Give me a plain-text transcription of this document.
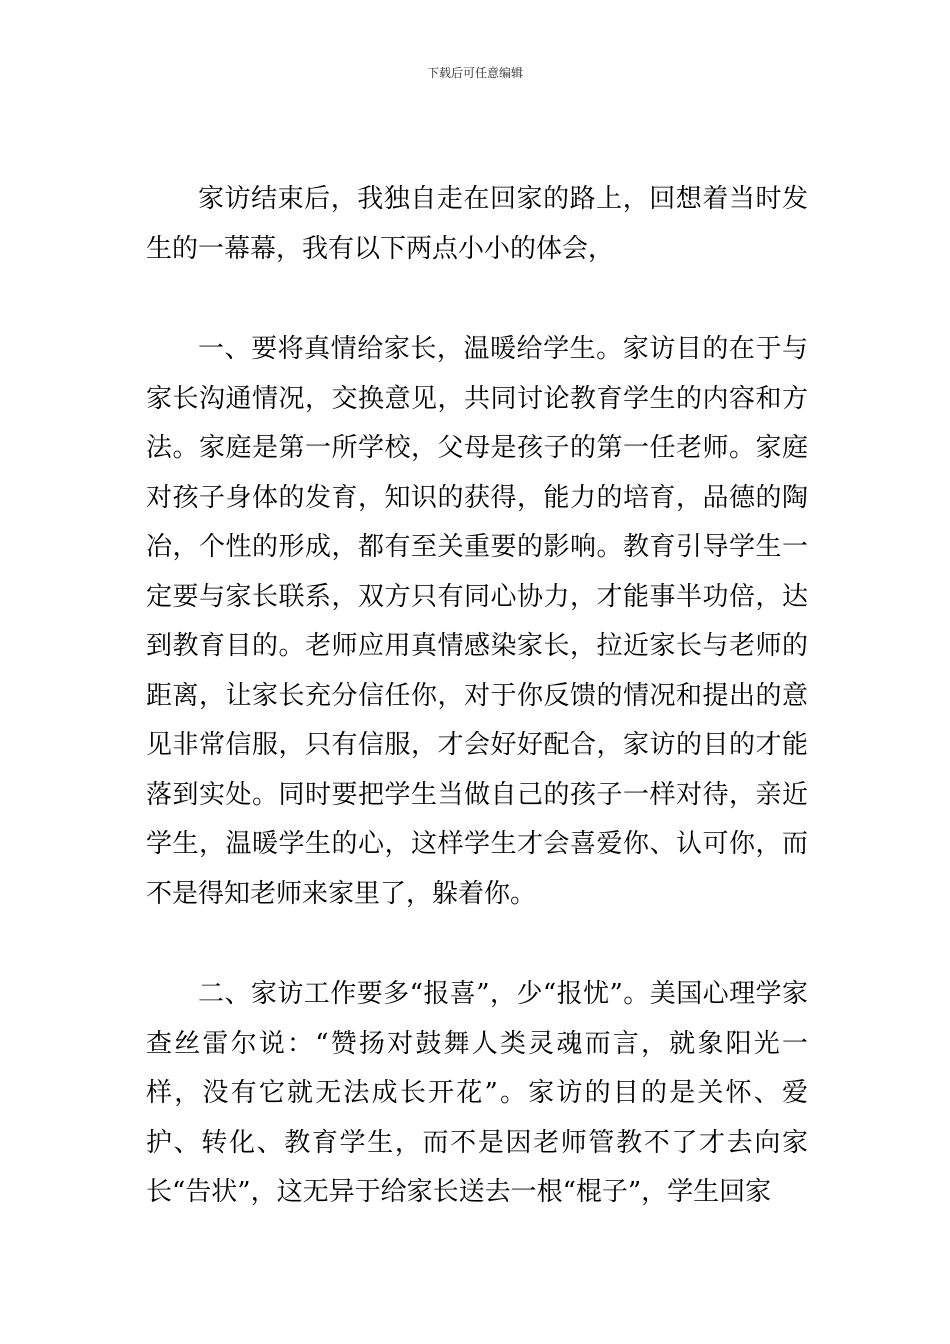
下载后可任意编辑

家访结束后，我独自走在回家的路上，回想着当时发生的一幕幕，我有以下两点小小的体会，

一、要将真情给家长，温暖给学生。家访目的在于与家长沟通情况，交换意见，共同讨论教育学生的内容和方法。家庭是第一所学校，父母是孩子的第一任老师。家庭对孩子身体的发育，知识的获得，能力的培育，品德的陶冶，个性的形成，都有至关重要的影响。教育引导学生一定要与家长联系，双方只有同心协力，才能事半功倍，达到教育目的。老师应用真情感染家长，拉近家长与老师的距离，让家长充分信任你，对于你反馈的情况和提出的意见非常信服，只有信服，才会好好配合，家访的目的才能落到实处。同时要把学生当做自己的孩子一样对待，亲近学生，温暖学生的心，这样学生才会喜爱你、认可你，而不是得知老师来家里了，躲着你。

二、家访工作要多“报喜”，少“报忧”。美国心理学家查丝雷尔说：“赞扬对鼓舞人类灵魂而言，就象阳光一样，没有它就无法成长开花”。家访的目的是关怀、爱护、转化、教育学生，而不是因老师管教不了才去向家长“告状”，这无异于给家长送去一根“棍子”，学生回家
